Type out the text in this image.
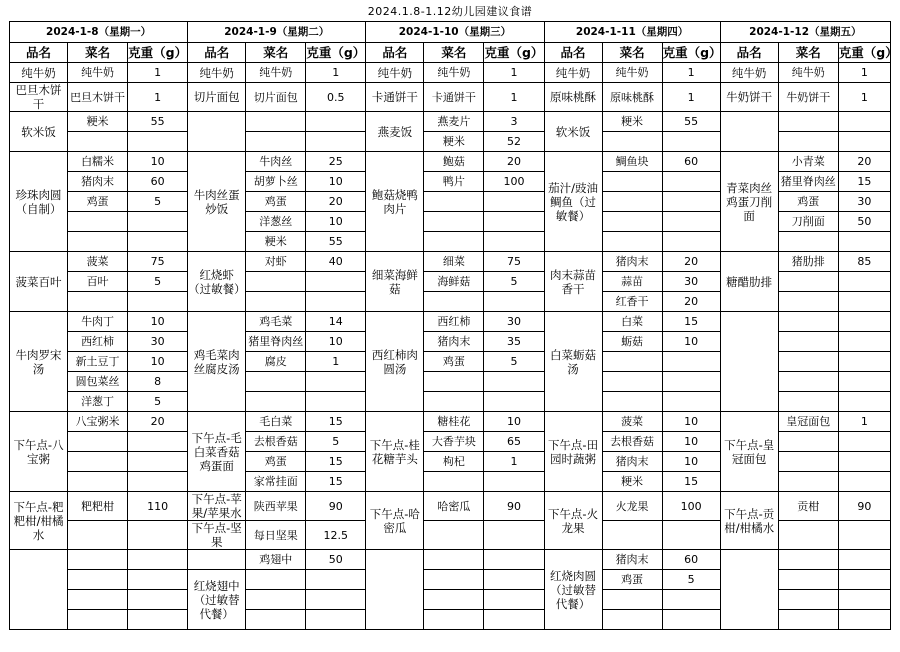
2024.1.8-1.12幼儿园建议食谱
2024-1-8（星期一）			2024-1-9（星期二）			2024-1-10（星期三）			2024-1-11（星期四）			2024-1-12（星期五）		
品名	菜名	克重（g）	品名	菜名	克重（g）	品名	菜名	克重（g）	品名	菜名	克重（g）	品名	菜名	克重（g）
纯牛奶	纯牛奶	1	纯牛奶	纯牛奶	1	纯牛奶	纯牛奶	1	纯牛奶	纯牛奶	1	纯牛奶	纯牛奶	1
巴旦木饼干	巴旦木饼干	1	切片面包	切片面包	0.5	卡通饼干	卡通饼干	1	原味桃酥	原味桃酥	1	牛奶饼干	牛奶饼干	1
软米饭	粳米	55				燕麦饭	燕麦片	3	软米饭	粳米	55			
							粳米	52						
珍珠肉圆（自制）	白糯米	10	牛肉丝蛋炒饭	牛肉丝	25	鲍菇烧鸭肉片	鲍菇	20	茄汁/豉油鲷鱼（过敏餐）	鲷鱼块	60	青菜肉丝鸡蛋刀削面	小青菜	20
	猪肉末	60		胡萝卜丝	10		鸭片	100					猪里脊肉丝	15
	鸡蛋	5		鸡蛋	20								鸡蛋	30
				洋葱丝	10								刀削面	50
				粳米	55									
菠菜百叶	菠菜	75	红烧虾（过敏餐）	对虾	40	细菜海鲜菇	细菜	75	肉末蒜苗香干	猪肉末	20	糖醋肋排	猪肋排	85
	百叶	5					海鲜菇	5		蒜苗	30			
										红香干	20			
牛肉罗宋汤	牛肉丁	10	鸡毛菜肉丝腐皮汤	鸡毛菜	14	西红柿肉圆汤	西红柿	30	白菜蛎菇汤	白菜	15			
	西红柿	30		猪里脊肉丝	10		猪肉末	35		蛎菇	10			
	新土豆丁	10		腐皮	1		鸡蛋	5						
	圆包菜丝	8												
	洋葱丁	5												
下午点-八宝粥	八宝粥米	20	下午点-毛白菜香菇鸡蛋面	毛白菜	15	下午点-桂花糖芋头	糖桂花	10	下午点-田园时蔬粥	菠菜	10	下午点-皇冠面包	皇冠面包	1
				去根香菇	5		大香芋块	65		去根香菇	10			
				鸡蛋	15		枸杞	1		猪肉末	10			
				家常挂面	15					粳米	15			
下午点-粑粑柑/柑橘水	粑粑柑	110	下午点-苹果/苹果水	陕西苹果	90	下午点-哈密瓜	哈密瓜	90	下午点-火龙果	火龙果	100	下午点-贡柑/柑橘水	贡柑	90
			下午点-坚果	每日坚果	12.5									
				鸡翅中	50				红烧肉圆（过敏替代餐）	猪肉末	60			
			红烧翅中（过敏替代餐）							鸡蛋	5			
